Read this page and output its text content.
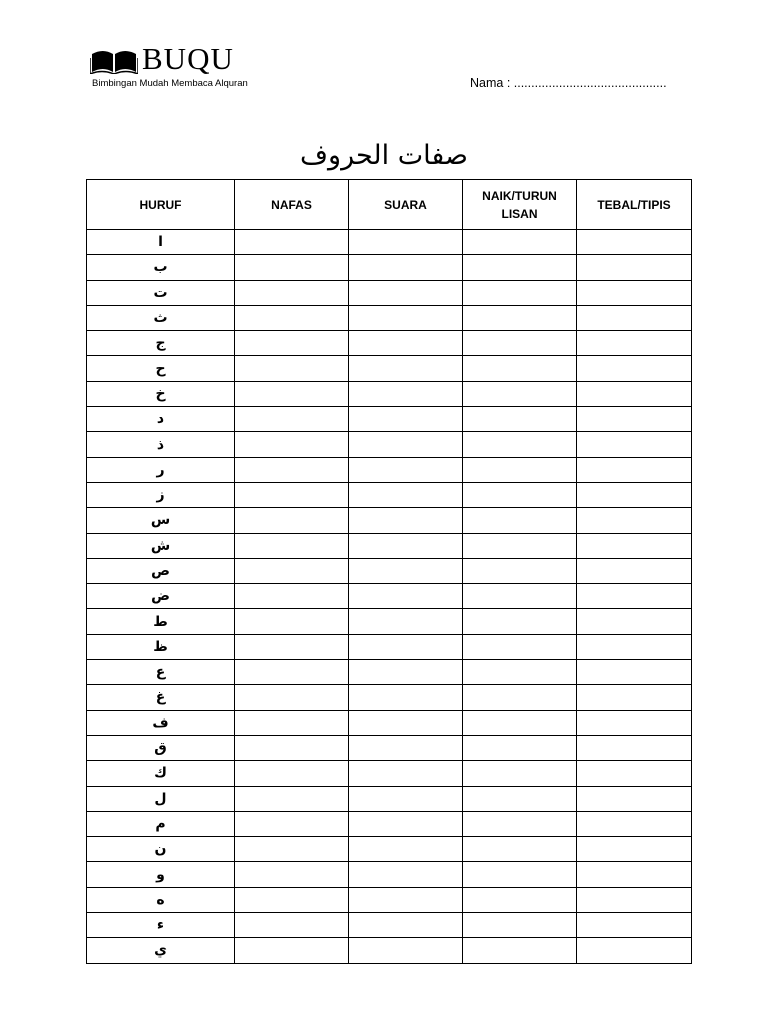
BUQU
Bimbingan Mudah Membaca Alquran	Nama : ............................................
صفات الحروف
HURUF	NAFAS	SUARA	NAIK/TURUN LISAN	TEBAL/TIPIS
ا				
ب				
ت				
ث				
ج				
ح				
خ				
د				
ذ				
ر				
ز				
س				
ش				
ص				
ض				
ط				
ظ				
ع				
غ				
ف				
ق				
ك				
ل				
م				
ن				
و				
ه				
ء				
ي				
